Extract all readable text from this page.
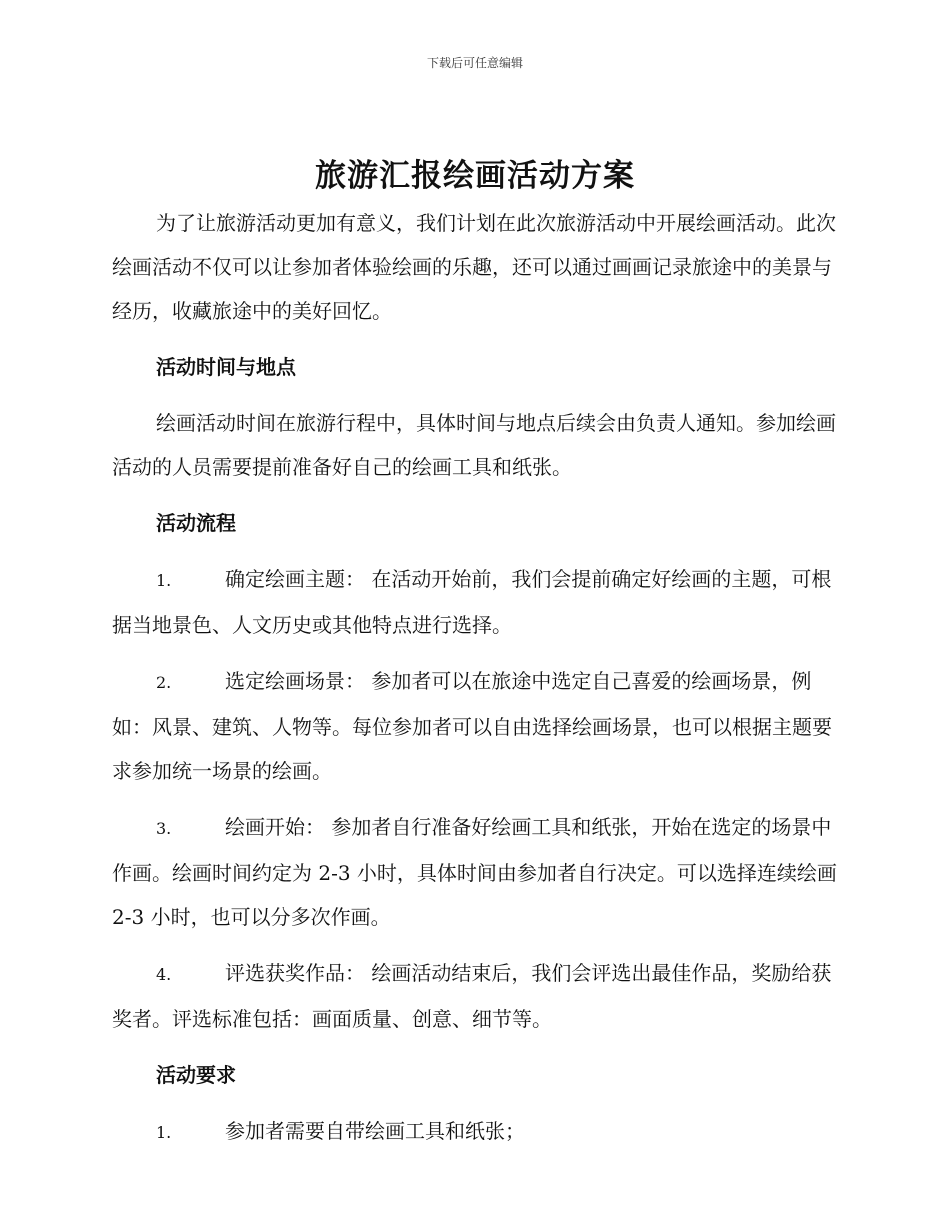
下载后可任意编辑
旅游汇报绘画活动方案

为了让旅游活动更加有意义，我们计划在此次旅游活动中开展绘画活动。此次绘画活动不仅可以让参加者体验绘画的乐趣，还可以通过画画记录旅途中的美景与经历，收藏旅途中的美好回忆。

活动时间与地点

绘画活动时间在旅游行程中，具体时间与地点后续会由负责人通知。参加绘画活动的人员需要提前准备好自己的绘画工具和纸张。

活动流程

1.	确定绘画主题： 在活动开始前，我们会提前确定好绘画的主题，可根据当地景色、人文历史或其他特点进行选择。

2.	选定绘画场景： 参加者可以在旅途中选定自己喜爱的绘画场景，例如：风景、建筑、人物等。每位参加者可以自由选择绘画场景，也可以根据主题要求参加统一场景的绘画。

3.	绘画开始： 参加者自行准备好绘画工具和纸张，开始在选定的场景中作画。绘画时间约定为 2-3 小时，具体时间由参加者自行决定。可以选择连续绘画 2-3 小时，也可以分多次作画。

4.	评选获奖作品： 绘画活动结束后，我们会评选出最佳作品，奖励给获奖者。评选标准包括：画面质量、创意、细节等。

活动要求

1.	参加者需要自带绘画工具和纸张；
